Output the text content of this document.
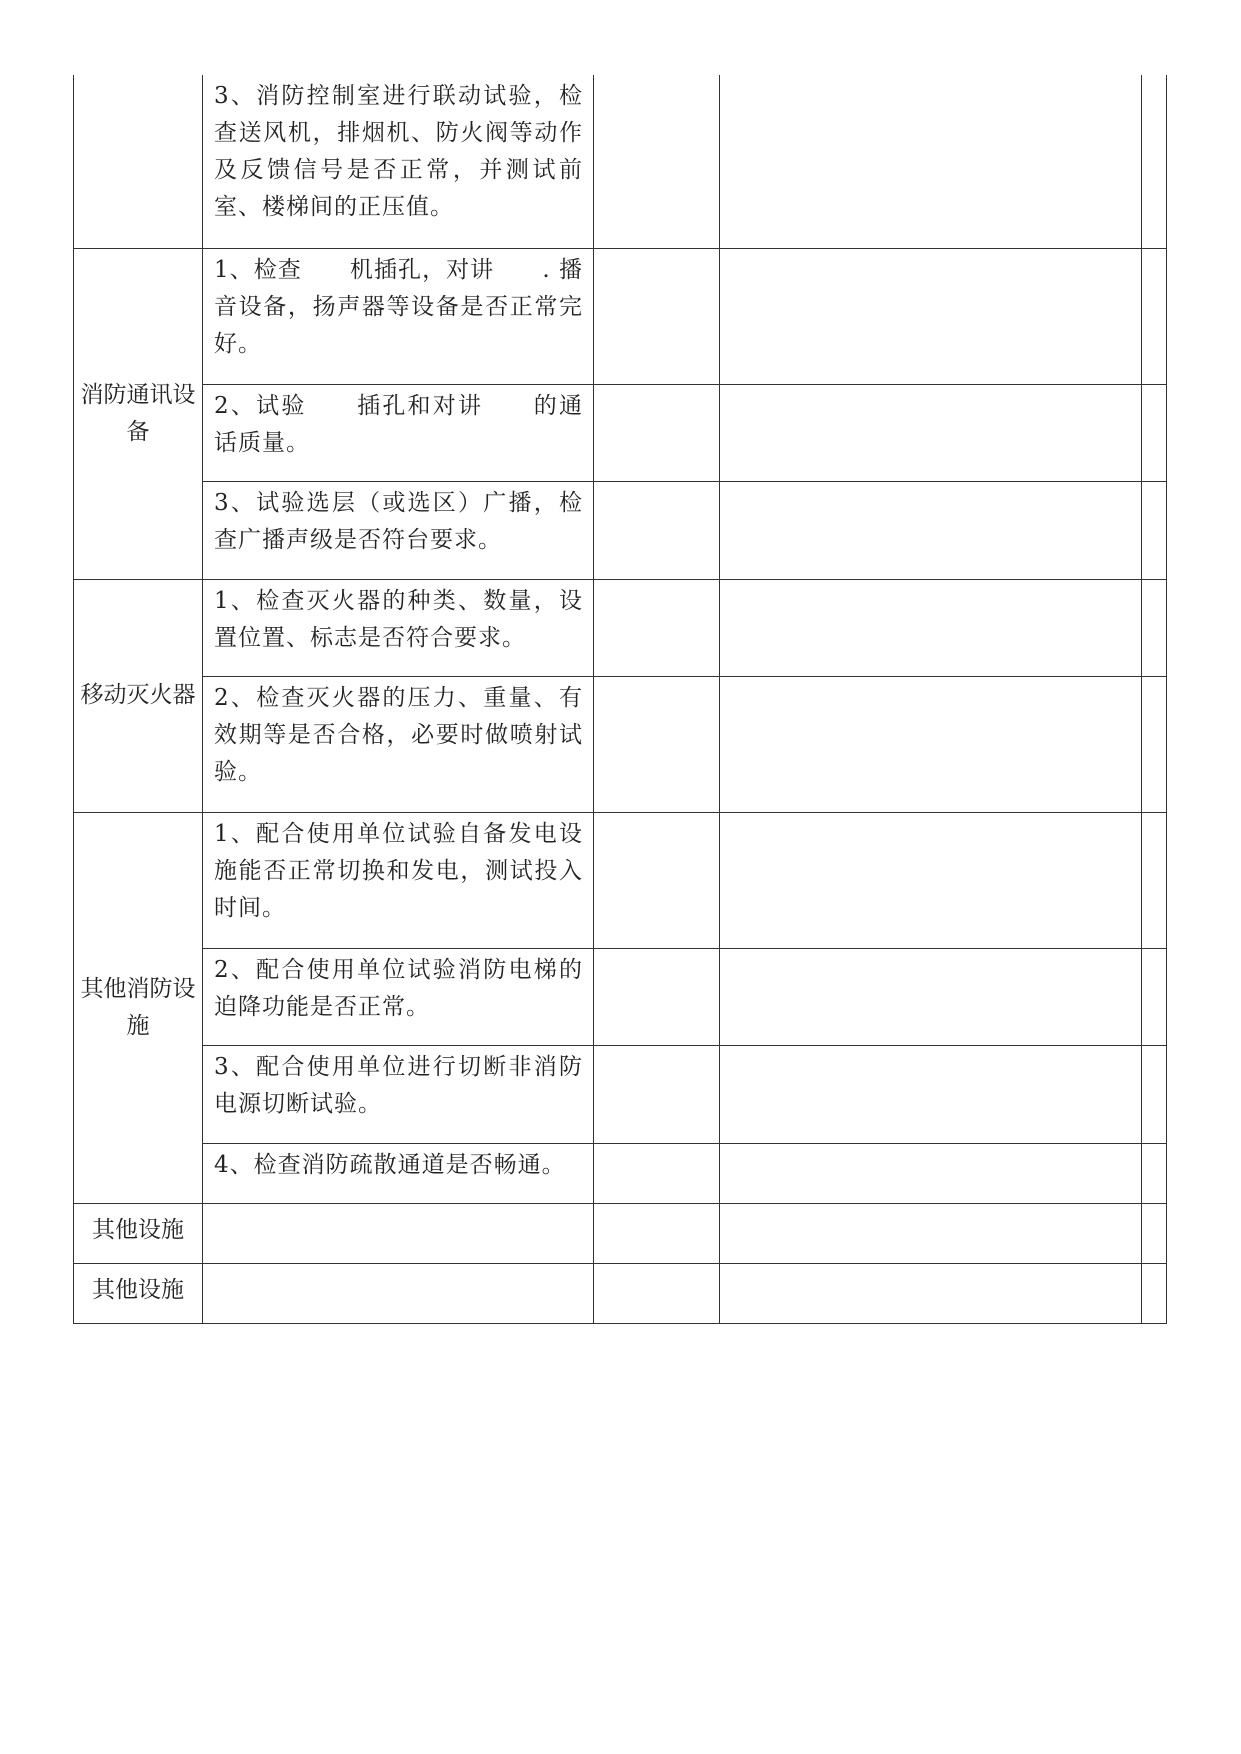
	3、消防控制室进行联动试验，检查送风机，排烟机、防火阀等动作及反馈信号是否正常，并测试前室、楼梯间的正压值。			
消防通讯设备	1、检查　　机插孔，对讲　　. 播音设备，扬声器等设备是否正常完好。			
	2、试验　　插孔和对讲　　的通话质量。			
	3、试验选层（或选区）广播，检查广播声级是否符台要求。			
移动灭火器	1、检查灭火器的种类、数量，设置位置、标志是否符合要求。			
	2、检查灭火器的压力、重量、有效期等是否合格，必要时做喷射试验。			
其他消防设施	1、配合使用单位试验自备发电设施能否正常切换和发电，测试投入时间。			
	2、配合使用单位试验消防电梯的迫降功能是否正常。			
	3、配合使用单位进行切断非消防电源切断试验。			
	4、检查消防疏散通道是否畅通。			
其他设施				
其他设施				
